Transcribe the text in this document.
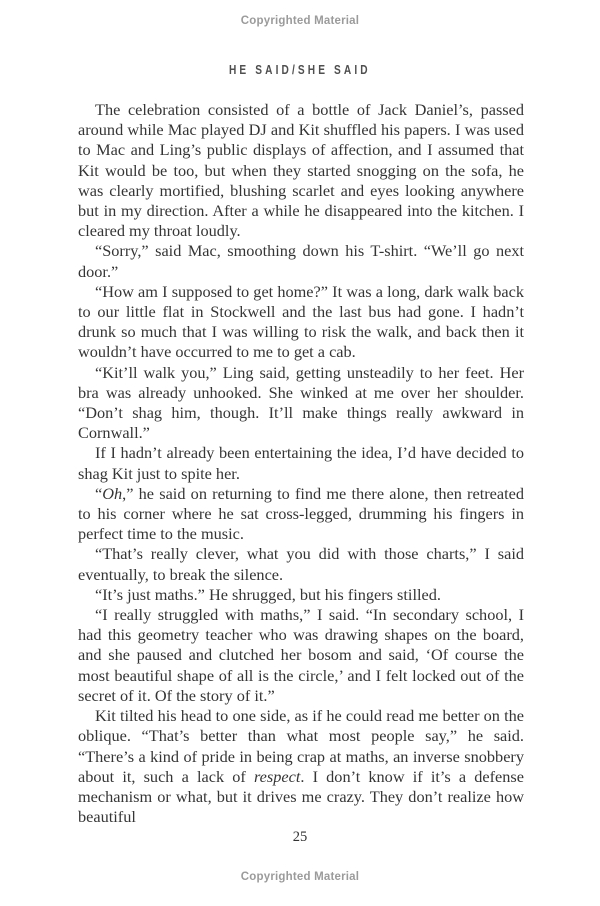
Copyrighted Material
HE SAID/SHE SAID

The celebration consisted of a bottle of Jack Daniel’s, passed around while Mac played DJ and Kit shuffled his papers. I was used to Mac and Ling’s public displays of affection, and I assumed that Kit would be too, but when they started snogging on the sofa, he was clearly mortified, blushing scarlet and eyes looking anywhere but in my direction. After a while he disappeared into the kitchen. I cleared my throat loudly.

“Sorry,” said Mac, smoothing down his T-shirt. “We’ll go next door.”

“How am I supposed to get home?” It was a long, dark walk back to our little flat in Stockwell and the last bus had gone. I hadn’t drunk so much that I was willing to risk the walk, and back then it wouldn’t have occurred to me to get a cab.

“Kit’ll walk you,” Ling said, getting unsteadily to her feet. Her bra was already unhooked. She winked at me over her shoulder. “Don’t shag him, though. It’ll make things really awkward in Cornwall.”

If I hadn’t already been entertaining the idea, I’d have decided to shag Kit just to spite her.

“Oh,” he said on returning to find me there alone, then retreated to his corner where he sat cross-legged, drumming his fingers in perfect time to the music.

“That’s really clever, what you did with those charts,” I said eventually, to break the silence.

“It’s just maths.” He shrugged, but his fingers stilled.

“I really struggled with maths,” I said. “In secondary school, I had this geometry teacher who was drawing shapes on the board, and she paused and clutched her bosom and said, ‘Of course the most beautiful shape of all is the circle,’ and I felt locked out of the secret of it. Of the story of it.”

Kit tilted his head to one side, as if he could read me better on the oblique. “That’s better than what most people say,” he said. “There’s a kind of pride in being crap at maths, an inverse snobbery about it, such a lack of respect. I don’t know if it’s a defense mechanism or what, but it drives me crazy. They don’t realize how beautiful

25
Copyrighted Material
